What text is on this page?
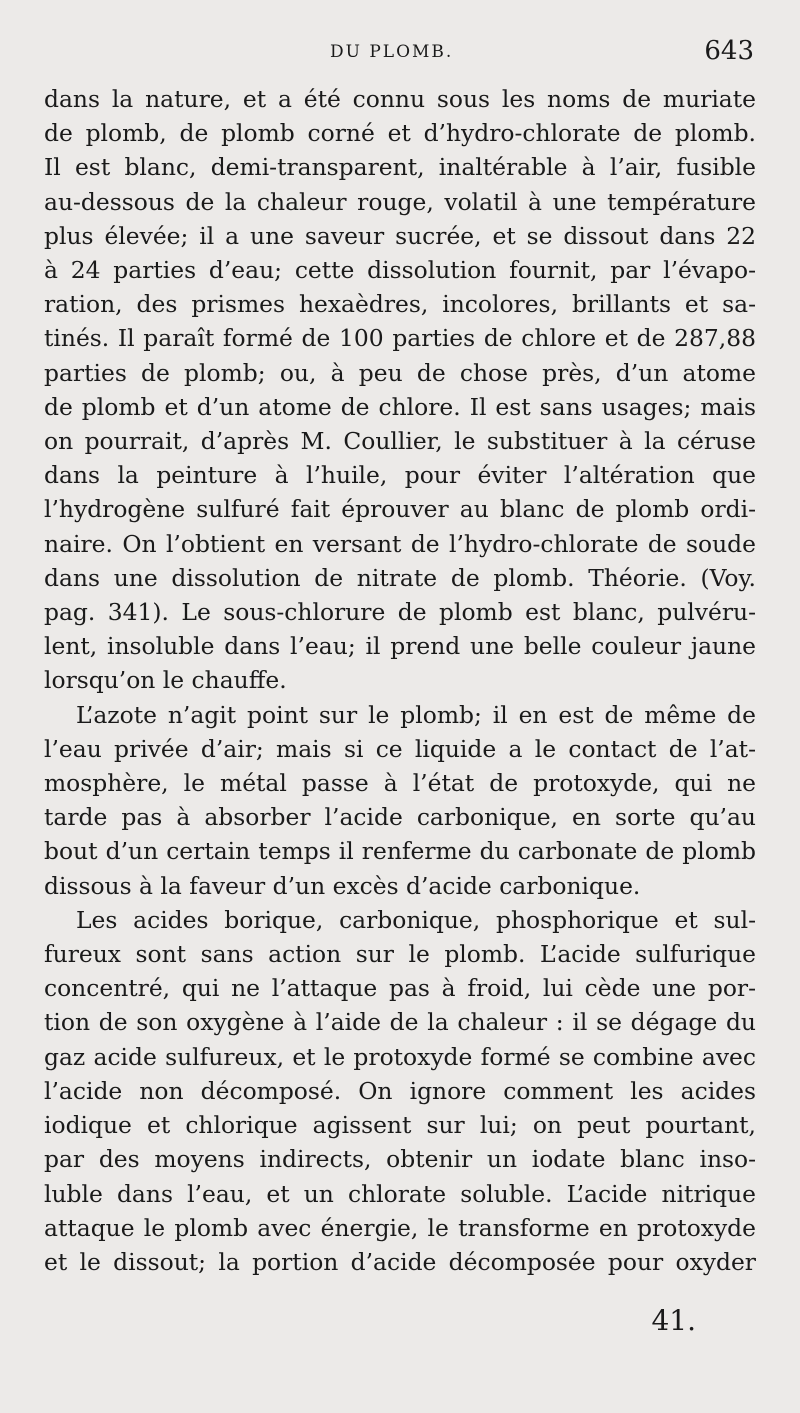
DU PLOMB.	643

dans la nature, et a été connu sous les noms de muriate

de plomb, de plomb corné et d’hydro-chlorate de plomb.

Il est blanc, demi-transparent, inaltérable à l’air, fusible

au-dessous de la chaleur rouge, volatil à une température

plus élevée; il a une saveur sucrée, et se dissout dans 22

à 24 parties d’eau; cette dissolution fournit, par l’évapo-

ration, des prismes hexaèdres, incolores, brillants et sa-

tinés. Il paraît formé de 100 parties de chlore et de 287,88

parties de plomb; ou, à peu de chose près, d’un atome

de plomb et d’un atome de chlore. Il est sans usages; mais

on pourrait, d’après M. Coullier, le substituer à la céruse

dans la peinture à l’huile, pour éviter l’altération que

l’hydrogène sulfuré fait éprouver au blanc de plomb ordi-

naire. On l’obtient en versant de l’hydro-chlorate de soude

dans une dissolution de nitrate de plomb. Théorie. (Voy.

pag. 341). Le sous-chlorure de plomb est blanc, pulvéru-

lent, insoluble dans l’eau; il prend une belle couleur jaune

lorsqu’on le chauffe.

L’azote n’agit point sur le plomb; il en est de même de

l’eau privée d’air; mais si ce liquide a le contact de l’at-

mosphère, le métal passe à l’état de protoxyde, qui ne

tarde pas à absorber l’acide carbonique, en sorte qu’au

bout d’un certain temps il renferme du carbonate de plomb

dissous à la faveur d’un excès d’acide carbonique.

Les acides borique, carbonique, phosphorique et sul-

fureux sont sans action sur le plomb. L’acide sulfurique

concentré, qui ne l’attaque pas à froid, lui cède une por-

tion de son oxygène à l’aide de la chaleur : il se dégage du

gaz acide sulfureux, et le protoxyde formé se combine avec

l’acide non décomposé. On ignore comment les acides

iodique et chlorique agissent sur lui; on peut pourtant,

par des moyens indirects, obtenir un iodate blanc inso-

luble dans l’eau, et un chlorate soluble. L’acide nitrique

attaque le plomb avec énergie, le transforme en protoxyde

et le dissout; la portion d’acide décomposée pour oxyder

41.
